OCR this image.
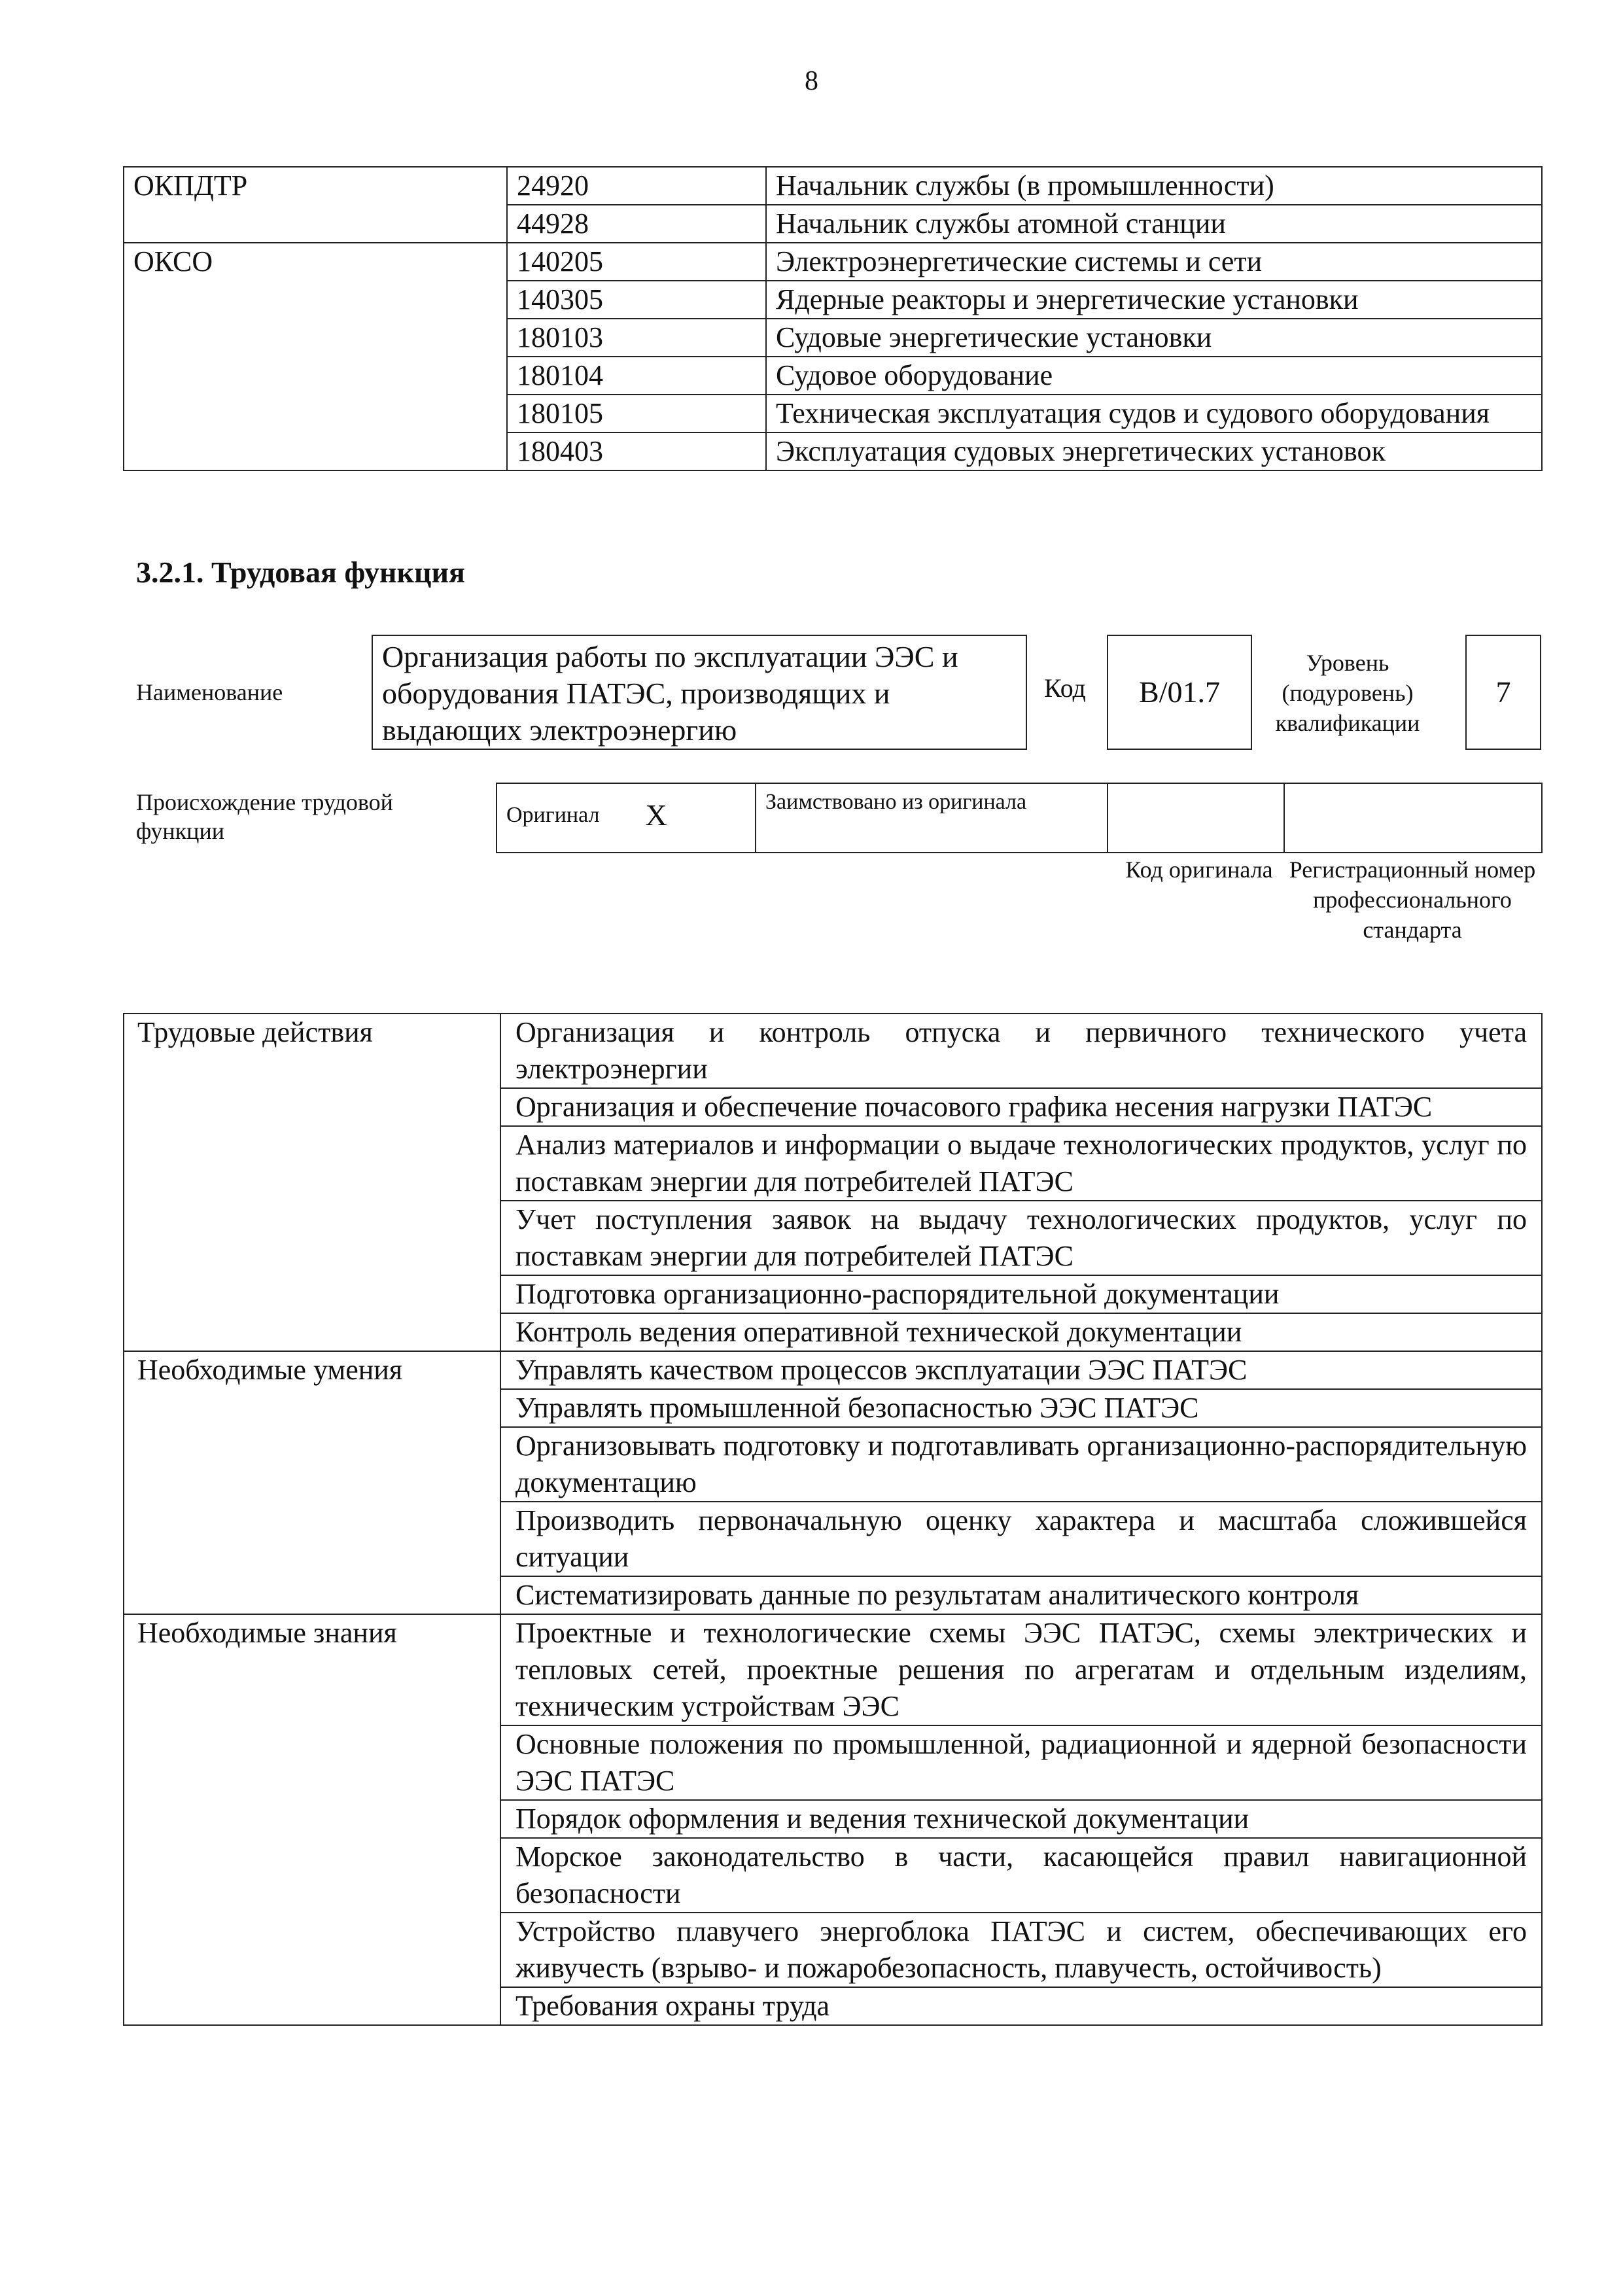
8
ОКПДТР	24920	Начальник службы (в промышленности)
	44928	Начальник службы атомной станции
ОКСО	140205	Электроэнергетические системы и сети
	140305	Ядерные реакторы и энергетические установки
	180103	Судовые энергетические установки
	180104	Судовое оборудование
	180105	Техническая эксплуатация судов и судового оборудования
	180403	Эксплуатация судовых энергетических установок
3.2.1. Трудовая функция
Наименование
Организация работы по эксплуатации ЭЭС и оборудования ПАТЭС, производящих и выдающих электроэнергию
Код B/01.7
Уровень (подуровень) квалификации
7
Происхождение трудовой функции
Оригинал X	Заимствовано из оригинала		
Код оригинала Регистрационный номер профессионального стандарта
Трудовые действия	Организация и контроль отпуска и первичного технического учета электроэнергии
	Организация и обеспечение почасового графика несения нагрузки ПАТЭС
	Анализ материалов и информации о выдаче технологических продуктов, услуг по поставкам энергии для потребителей ПАТЭС
	Учет поступления заявок на выдачу технологических продуктов, услуг по поставкам энергии для потребителей ПАТЭС
	Подготовка организационно-распорядительной документации
	Контроль ведения оперативной технической документации
Необходимые умения	Управлять качеством процессов эксплуатации ЭЭС ПАТЭС
	Управлять промышленной безопасностью ЭЭС ПАТЭС
	Организовывать подготовку и подготавливать организационно-распорядительную документацию
	Производить первоначальную оценку характера и масштаба сложившейся ситуации
	Систематизировать данные по результатам аналитического контроля
Необходимые знания	Проектные и технологические схемы ЭЭС ПАТЭС, схемы электрических и тепловых сетей, проектные решения по агрегатам и отдельным изделиям, техническим устройствам ЭЭС
	Основные положения по промышленной, радиационной и ядерной безопасности ЭЭС ПАТЭС
	Порядок оформления и ведения технической документации
	Морское законодательство в части, касающейся правил навигационной безопасности
	Устройство плавучего энергоблока ПАТЭС и систем, обеспечивающих его живучесть (взрыво- и пожаробезопасность, плавучесть, остойчивость)
	Требования охраны труда
